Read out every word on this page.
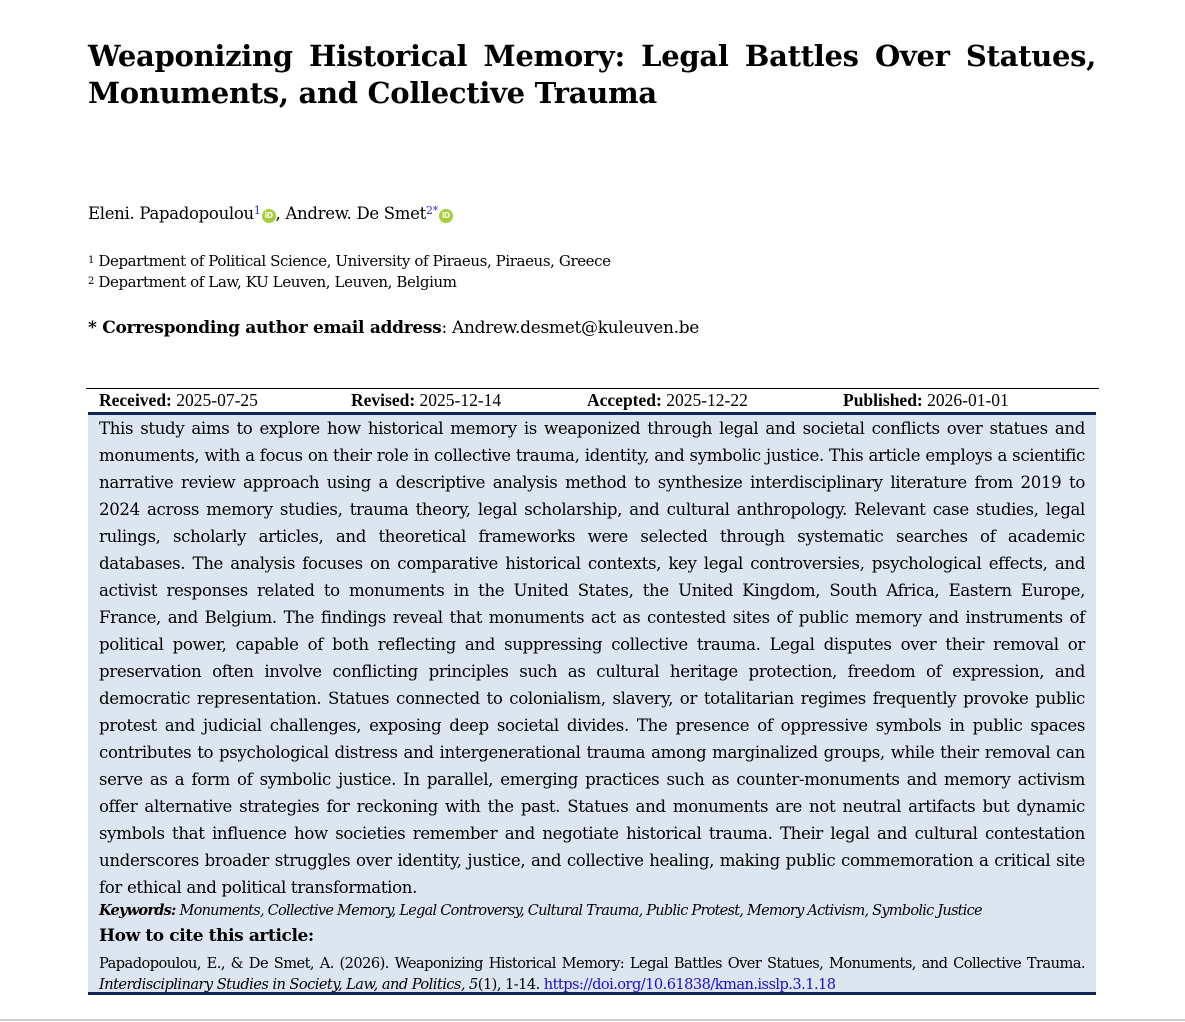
Weaponizing Historical Memory: Legal Battles Over Statues,
Monuments, and Collective Trauma
Eleni. Papadopoulou$^1$ iD , Andrew. De Smet$^{2*}$ iD
$^1$ Department of Political Science, University of Piraeus, Piraeus, Greece
$^2$ Department of Law, KU Leuven, Leuven, Belgium
* Corresponding author email address: Andrew.desmet@kuleuven.be
Received: 2025-07-25	Revised: 2025-12-14	Accepted: 2025-12-22	Published: 2026-01-01

This study aims to explore how historical memory is weaponized through legal and societal conflicts over statues and monuments, with a focus on their role in collective trauma, identity, and symbolic justice. This article employs a scientific narrative review approach using a descriptive analysis method to synthesize interdisciplinary literature from 2019 to 2024 across memory studies, trauma theory, legal scholarship, and cultural anthropology. Relevant case studies, legal rulings, scholarly articles, and theoretical frameworks were selected through systematic searches of academic databases. The analysis focuses on comparative historical contexts, key legal controversies, psychological effects, and activist responses related to monuments in the United States, the United Kingdom, South Africa, Eastern Europe, France, and Belgium. The findings reveal that monuments act as contested sites of public memory and instruments of political power, capable of both reflecting and suppressing collective trauma. Legal disputes over their removal or preservation often involve conflicting principles such as cultural heritage protection, freedom of expression, and democratic representation. Statues connected to colonialism, slavery, or totalitarian regimes frequently provoke public protest and judicial challenges, exposing deep societal divides. The presence of oppressive symbols in public spaces contributes to psychological distress and intergenerational trauma among marginalized groups, while their removal can serve as a form of symbolic justice. In parallel, emerging practices such as counter-monuments and memory activism offer alternative strategies for reckoning with the past. Statues and monuments are not neutral artifacts but dynamic symbols that influence how societies remember and negotiate historical trauma. Their legal and cultural contestation underscores broader struggles over identity, justice, and collective healing, making public commemoration a critical site for ethical and political transformation.

Keywords: Monuments, Collective Memory, Legal Controversy, Cultural Trauma, Public Protest, Memory Activism, Symbolic Justice
How to cite this article:
Papadopoulou, E., & De Smet, A. (2026). Weaponizing Historical Memory: Legal Battles Over Statues, Monuments, and Collective Trauma. Interdisciplinary Studies in Society, Law, and Politics, 5(1), 1-14. https://doi.org/10.61838/kman.isslp.3.1.18
